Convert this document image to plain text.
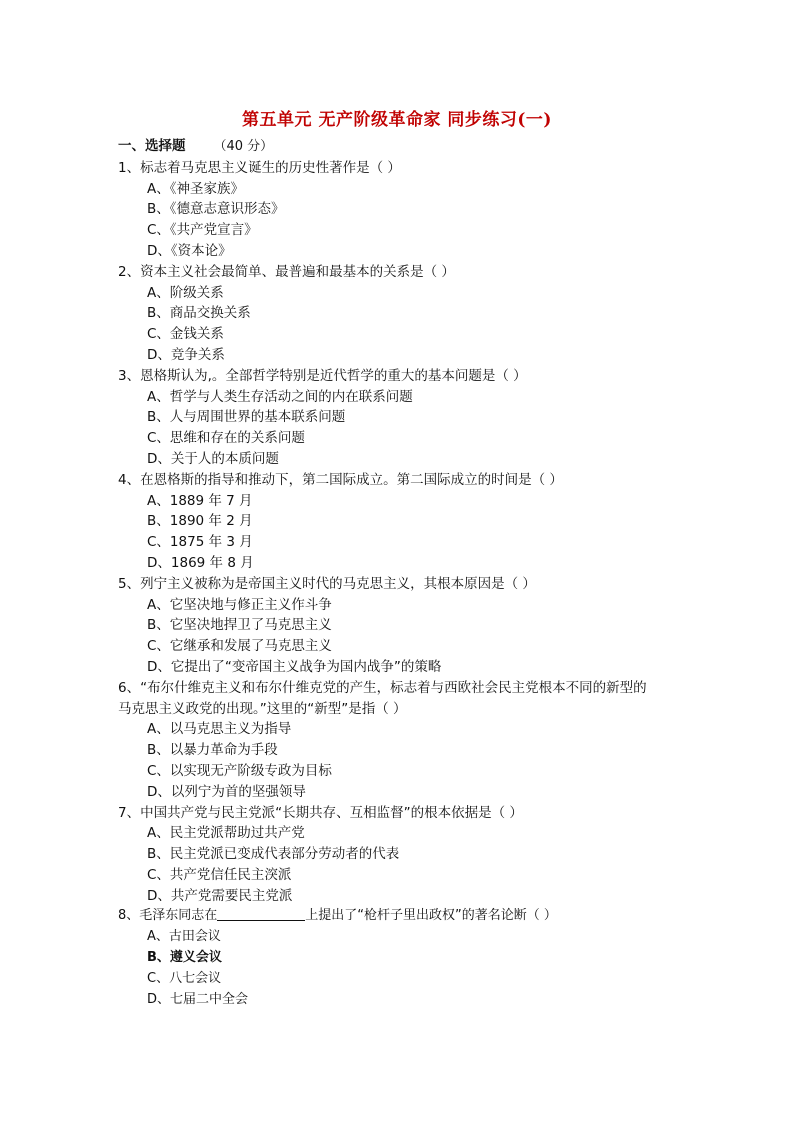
第五单元 无产阶级革命家 同步练习(一)
一、选择题 （40 分）
1、标志着马克思主义诞生的历史性著作是（ ）
A、《神圣家族》
B、《德意志意识形态》
C、《共产党宣言》
D、《资本论》
2、资本主义社会最简单、最普遍和最基本的关系是（ ）
A、阶级关系
B、商品交换关系
C、金钱关系
D、竞争关系
3、恩格斯认为,。全部哲学特别是近代哲学的重大的基本问题是（ ）
A、哲学与人类生存活动之间的内在联系问题
B、人与周围世界的基本联系问题
C、思维和存在的关系问题
D、关于人的本质问题
4、在恩格斯的指导和推动下，第二国际成立。第二国际成立的时间是（ ）
A、1889 年 7 月
B、1890 年 2 月
C、1875 年 3 月
D、1869 年 8 月
5、列宁主义被称为是帝国主义时代的马克思主义，其根本原因是（ ）
A、它坚决地与修正主义作斗争
B、它坚决地捍卫了马克思主义
C、它继承和发展了马克思主义
D、它提出了“变帝国主义战争为国内战争”的策略
6、“布尔什维克主义和布尔什维克党的产生，标志着与西欧社会民主党根本不同的新型的
马克思主义政党的出现。”这里的“新型”是指（ ）
A、以马克思主义为指导
B、以暴力革命为手段
C、以实现无产阶级专政为目标
D、以列宁为首的坚强领导
7、中国共产党与民主党派“长期共存、互相监督”的根本依据是（ ）
A、民主党派帮助过共产党
B、民主党派已变成代表部分劳动者的代表
C、共产党信任民主湥派
D、共产党需要民主党派
8、毛泽东同志在	上提出了“枪杆子里出政权”的著名论断（ ）
A、古田会议
B、遵义会议
C、八七会议
D、七届二中全会
